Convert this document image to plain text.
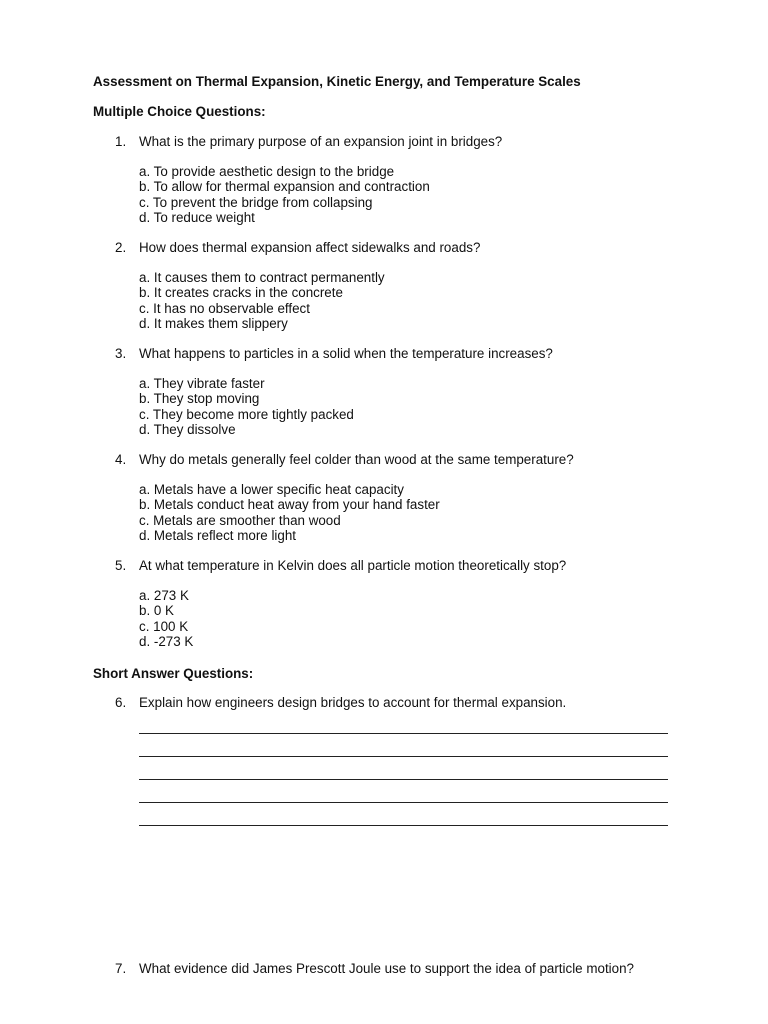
Assessment on Thermal Expansion, Kinetic Energy, and Temperature Scales
Multiple Choice Questions:
1. What is the primary purpose of an expansion joint in bridges?
a. To provide aesthetic design to the bridge
b. To allow for thermal expansion and contraction
c. To prevent the bridge from collapsing
d. To reduce weight
2. How does thermal expansion affect sidewalks and roads?
a. It causes them to contract permanently
b. It creates cracks in the concrete
c. It has no observable effect
d. It makes them slippery
3. What happens to particles in a solid when the temperature increases?
a. They vibrate faster
b. They stop moving
c. They become more tightly packed
d. They dissolve
4. Why do metals generally feel colder than wood at the same temperature?
a. Metals have a lower specific heat capacity
b. Metals conduct heat away from your hand faster
c. Metals are smoother than wood
d. Metals reflect more light
5. At what temperature in Kelvin does all particle motion theoretically stop?
a. 273 K
b. 0 K
c. 100 K
d. -273 K
Short Answer Questions:
6. Explain how engineers design bridges to account for thermal expansion.
7. What evidence did James Prescott Joule use to support the idea of particle motion?
